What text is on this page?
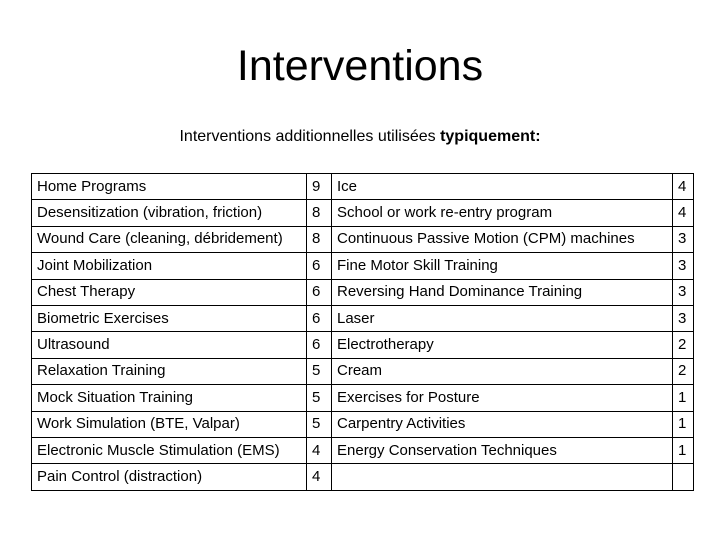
Interventions
Interventions additionnelles utilisées typiquement:
Home Programs	9	Ice	4
Desensitization (vibration, friction)	8	School or work re-entry program	4
Wound Care (cleaning, débridement)	8	Continuous Passive Motion (CPM) machines	3
Joint Mobilization	6	Fine Motor Skill Training	3
Chest Therapy	6	Reversing Hand Dominance Training	3
Biometric Exercises	6	Laser	3
Ultrasound	6	Electrotherapy	2
Relaxation Training	5	Cream	2
Mock Situation Training	5	Exercises for Posture	1
Work Simulation (BTE, Valpar)	5	Carpentry Activities	1
Electronic Muscle Stimulation (EMS)	4	Energy Conservation Techniques	1
Pain Control (distraction)	4		
